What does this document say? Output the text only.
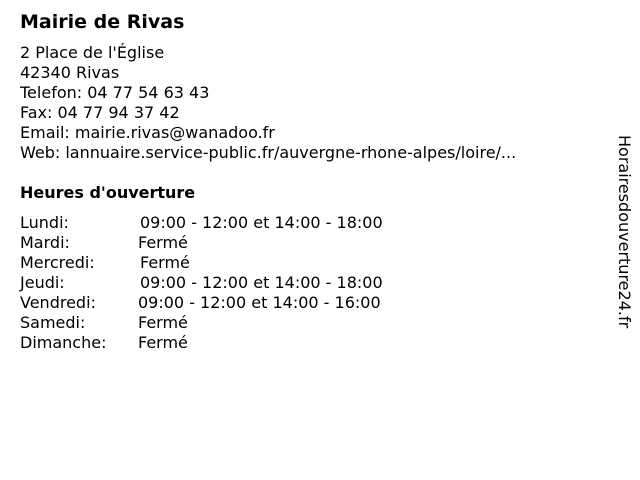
Mairie de Rivas
2 Place de l'Église
42340 Rivas
Telefon: 04 77 54 63 43
Fax: 04 77 94 37 42
Email: mairie.rivas@wanadoo.fr
Web: lannuaire.service-public.fr/auvergne-rhone-alpes/loire/...
Heures d'ouverture
Lundi:	09:00 - 12:00 et 14:00 - 18:00
Mardi:	Fermé
Mercredi:	Fermé
Jeudi:	09:00 - 12:00 et 14:00 - 18:00
Vendredi:	09:00 - 12:00 et 14:00 - 16:00
Samedi:	Fermé
Dimanche: Fermé
Horairesdouverture24.fr
